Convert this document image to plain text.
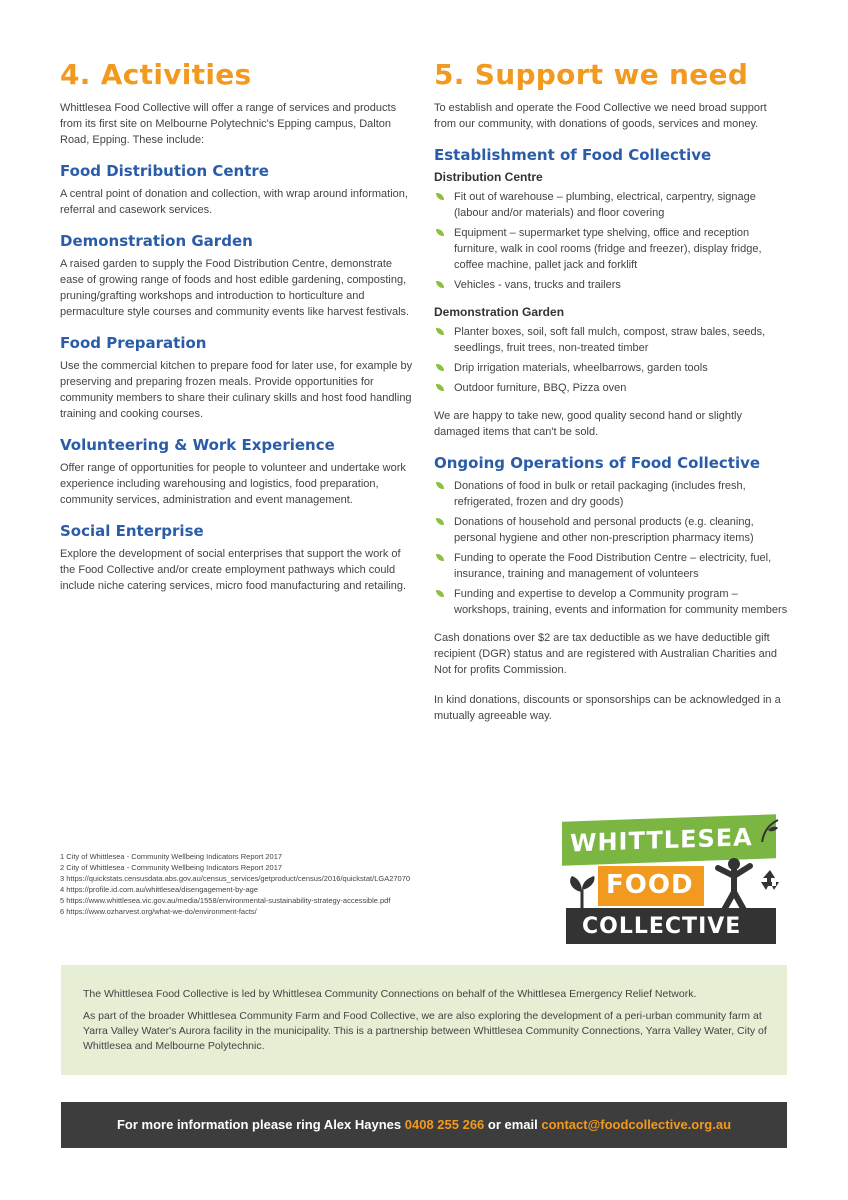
4. Activities

Whittlesea Food Collective will offer a range of services and products from its first site on Melbourne Polytechnic's Epping campus, Dalton Road, Epping. These include:

Food Distribution Centre

A central point of donation and collection, with wrap around information, referral and casework services.

Demonstration Garden

A raised garden to supply the Food Distribution Centre, demonstrate ease of growing range of foods and host edible gardening, composting, pruning/grafting workshops and introduction to horticulture and permaculture style courses and community events like harvest festivals.

Food Preparation

Use the commercial kitchen to prepare food for later use, for example by preserving and preparing frozen meals. Provide opportunities for community members to share their culinary skills and host food handling training and cooking courses.

Volunteering & Work Experience

Offer range of opportunities for people to volunteer and undertake work experience including warehousing and logistics, food preparation, community services, administration and event management.

Social Enterprise

Explore the development of social enterprises that support the work of the Food Collective and/or create employment pathways which could include niche catering services, micro food manufacturing and retailing.

5. Support we need

To establish and operate the Food Collective we need broad support from our community, with donations of goods, services and money.

Establishment of Food Collective
Distribution Centre
Fit out of warehouse – plumbing, electrical, carpentry, signage (labour and/or materials) and floor covering
Equipment – supermarket type shelving, office and reception furniture, walk in cool rooms (fridge and freezer), display fridge, coffee machine, pallet jack and forklift
Vehicles - vans, trucks and trailers
Demonstration Garden
Planter boxes, soil, soft fall mulch, compost, straw bales, seeds, seedlings, fruit trees, non-treated timber
Drip irrigation materials, wheelbarrows, garden tools
Outdoor furniture, BBQ, Pizza oven

We are happy to take new, good quality second hand or slightly damaged items that can't be sold.

Ongoing Operations of Food Collective
Donations of food in bulk or retail packaging (includes fresh, refrigerated, frozen and dry goods)
Donations of household and personal products (e.g. cleaning, personal hygiene and other non-prescription pharmacy items)
Funding to operate the Food Distribution Centre – electricity, fuel, insurance, training and management of volunteers
Funding and expertise to develop a Community program – workshops, training, events and information for community members

Cash donations over $2 are tax deductible as we have deductible gift recipient (DGR) status and are registered with Australian Charities and Not for profits Commission.

In kind donations, discounts or sponsorships can be acknowledged in a mutually agreeable way.

1 City of Whittlesea - Community Wellbeing Indicators Report 2017
2 City of Whittlesea - Community Wellbeing Indicators Report 2017
3 https://quickstats.censusdata.abs.gov.au/census_services/getproduct/census/2016/quickstat/LGA27070
4 https://profile.id.com.au/whittlesea/disengagement-by-age
5 https://www.whittlesea.vic.gov.au/media/1558/environmental-sustainability-strategy-accessible.pdf
6 https://www.ozharvest.org/what-we-do/environment-facts/
WHITTLESEA
FOOD
COLLECTIVE

The Whittlesea Food Collective is led by Whittlesea Community Connections on behalf of the Whittlesea Emergency Relief Network.

As part of the broader Whittlesea Community Farm and Food Collective, we are also exploring the development of a peri-urban community farm at Yarra Valley Water's Aurora facility in the municipality. This is a partnership between Whittlesea Community Connections, Yarra Valley Water, City of Whittlesea and Melbourne Polytechnic.

For more information please ring Alex Haynes 0408 255 266 or email contact@foodcollective.org.au
